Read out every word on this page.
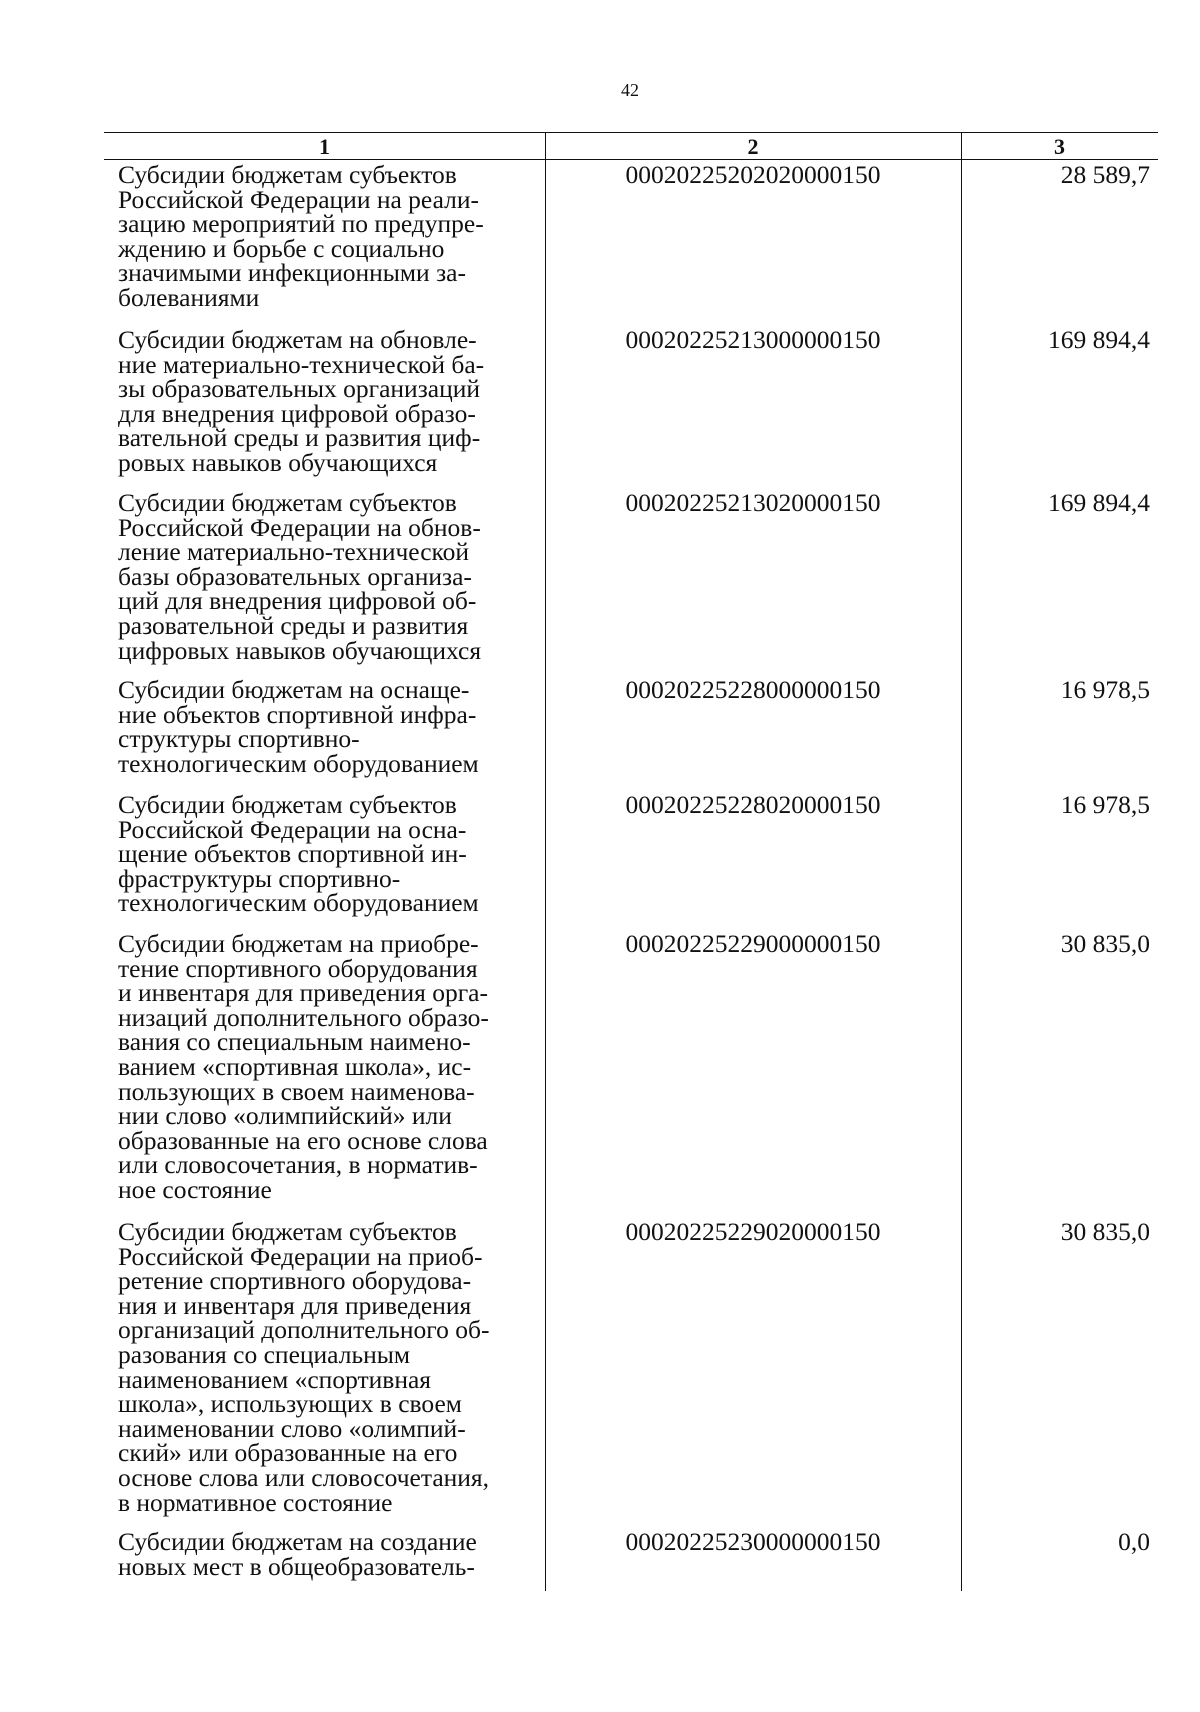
42
1	2	3
Субсидии бюджетам субъектов
Российской Федерации на реали-
зацию мероприятий по предупре-
ждению и борьбе с социально
значимыми инфекционными за-
болеваниями
00020225202020000150	28 589,7
Субсидии бюджетам на обновле-
ние материально-технической ба-
зы образовательных организаций
для внедрения цифровой образо-
вательной среды и развития циф-
ровых навыков обучающихся
00020225213000000150	169 894,4
Субсидии бюджетам субъектов
Российской Федерации на обнов-
ление материально-технической
базы образовательных организа-
ций для внедрения цифровой об-
разовательной среды и развития
цифровых навыков обучающихся
00020225213020000150	169 894,4
Субсидии бюджетам на оснаще-
ние объектов спортивной инфра-
структуры спортивно-
технологическим оборудованием
00020225228000000150	16 978,5
Субсидии бюджетам субъектов
Российской Федерации на осна-
щение объектов спортивной ин-
фраструктуры спортивно-
технологическим оборудованием
00020225228020000150	16 978,5
Субсидии бюджетам на приобре-
тение спортивного оборудования
и инвентаря для приведения орга-
низаций дополнительного образо-
вания со специальным наимено-
ванием «спортивная школа», ис-
пользующих в своем наименова-
нии слово «олимпийский» или
образованные на его основе слова
или словосочетания, в норматив-
ное состояние
00020225229000000150	30 835,0
Субсидии бюджетам субъектов
Российской Федерации на приоб-
ретение спортивного оборудова-
ния и инвентаря для приведения
организаций дополнительного об-
разования со специальным
наименованием «спортивная
школа», использующих в своем
наименовании слово «олимпий-
ский» или образованные на его
основе слова или словосочетания,
в нормативное состояние
00020225229020000150	30 835,0
Субсидии бюджетам на создание
новых мест в общеобразователь-
00020225230000000150	0,0
